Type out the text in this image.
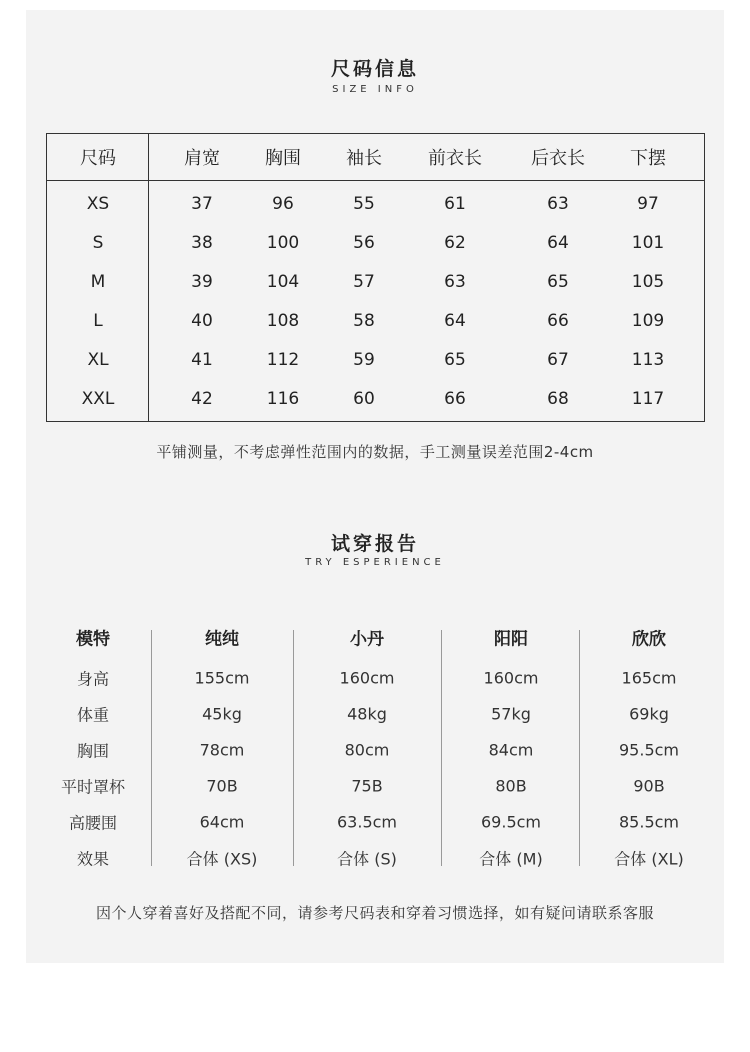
尺码信息
SIZE INFO
尺码	肩宽	胸围	袖长	前衣长	后衣长	下摆
XS	37	96	55	61	63	97
S	38	100	56	62	64	101
M	39	104	57	63	65	105
L	40	108	58	64	66	109
XL	41	112	59	65	67	113
XXL	42	116	60	66	68	117
平铺测量，不考虑弹性范围内的数据，手工测量误差范围2-4cm
试穿报告
TRY ESPERIENCE
模特	纯纯	小丹	阳阳	欣欣
身高	155cm	160cm	160cm	165cm
体重	45kg	48kg	57kg	69kg
胸围	78cm	80cm	84cm	95.5cm
平时罩杯	70B	75B	80B	90B
高腰围	64cm	63.5cm	69.5cm	85.5cm
效果	合体 (XS)	合体 (S)	合体 (M)	合体 (XL)
因个人穿着喜好及搭配不同，请参考尺码表和穿着习惯选择，如有疑问请联系客服
